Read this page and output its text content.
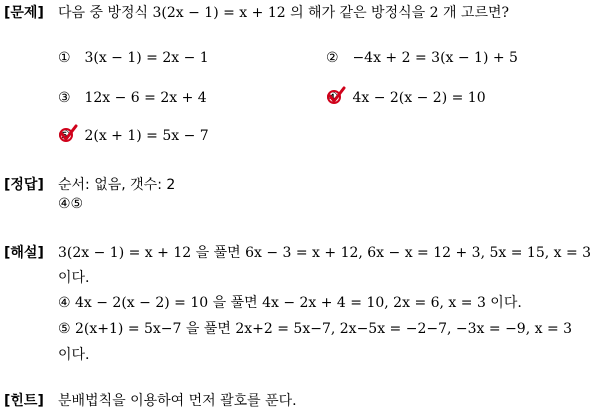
[문제] 다음 중 방정식 3(2x − 1) = x + 12 의 해가 같은 방정식을 2 개 고르면?
① 3(x − 1) = 2x − 1	② −4x + 2 = 3(x − 1) + 5
③ 12x − 6 = 2x + 4	④ 4x − 2(x − 2) = 10
⑤ 2(x + 1) = 5x − 7
[정답] 순서: 없음, 갯수: 2
④⑤
[해설] 3(2x − 1) = x + 12 을 풀면 6x − 3 = x + 12, 6x − x = 12 + 3, 5x = 15, x = 3
이다.
④ 4x − 2(x − 2) = 10 을 풀면 4x − 2x + 4 = 10, 2x = 6, x = 3 이다.
⑤ 2(x+1) = 5x−7 을 풀면 2x+2 = 5x−7, 2x−5x = −2−7, −3x = −9, x = 3
이다.
[힌트] 분배법칙을 이용하여 먼저 괄호를 푼다.
